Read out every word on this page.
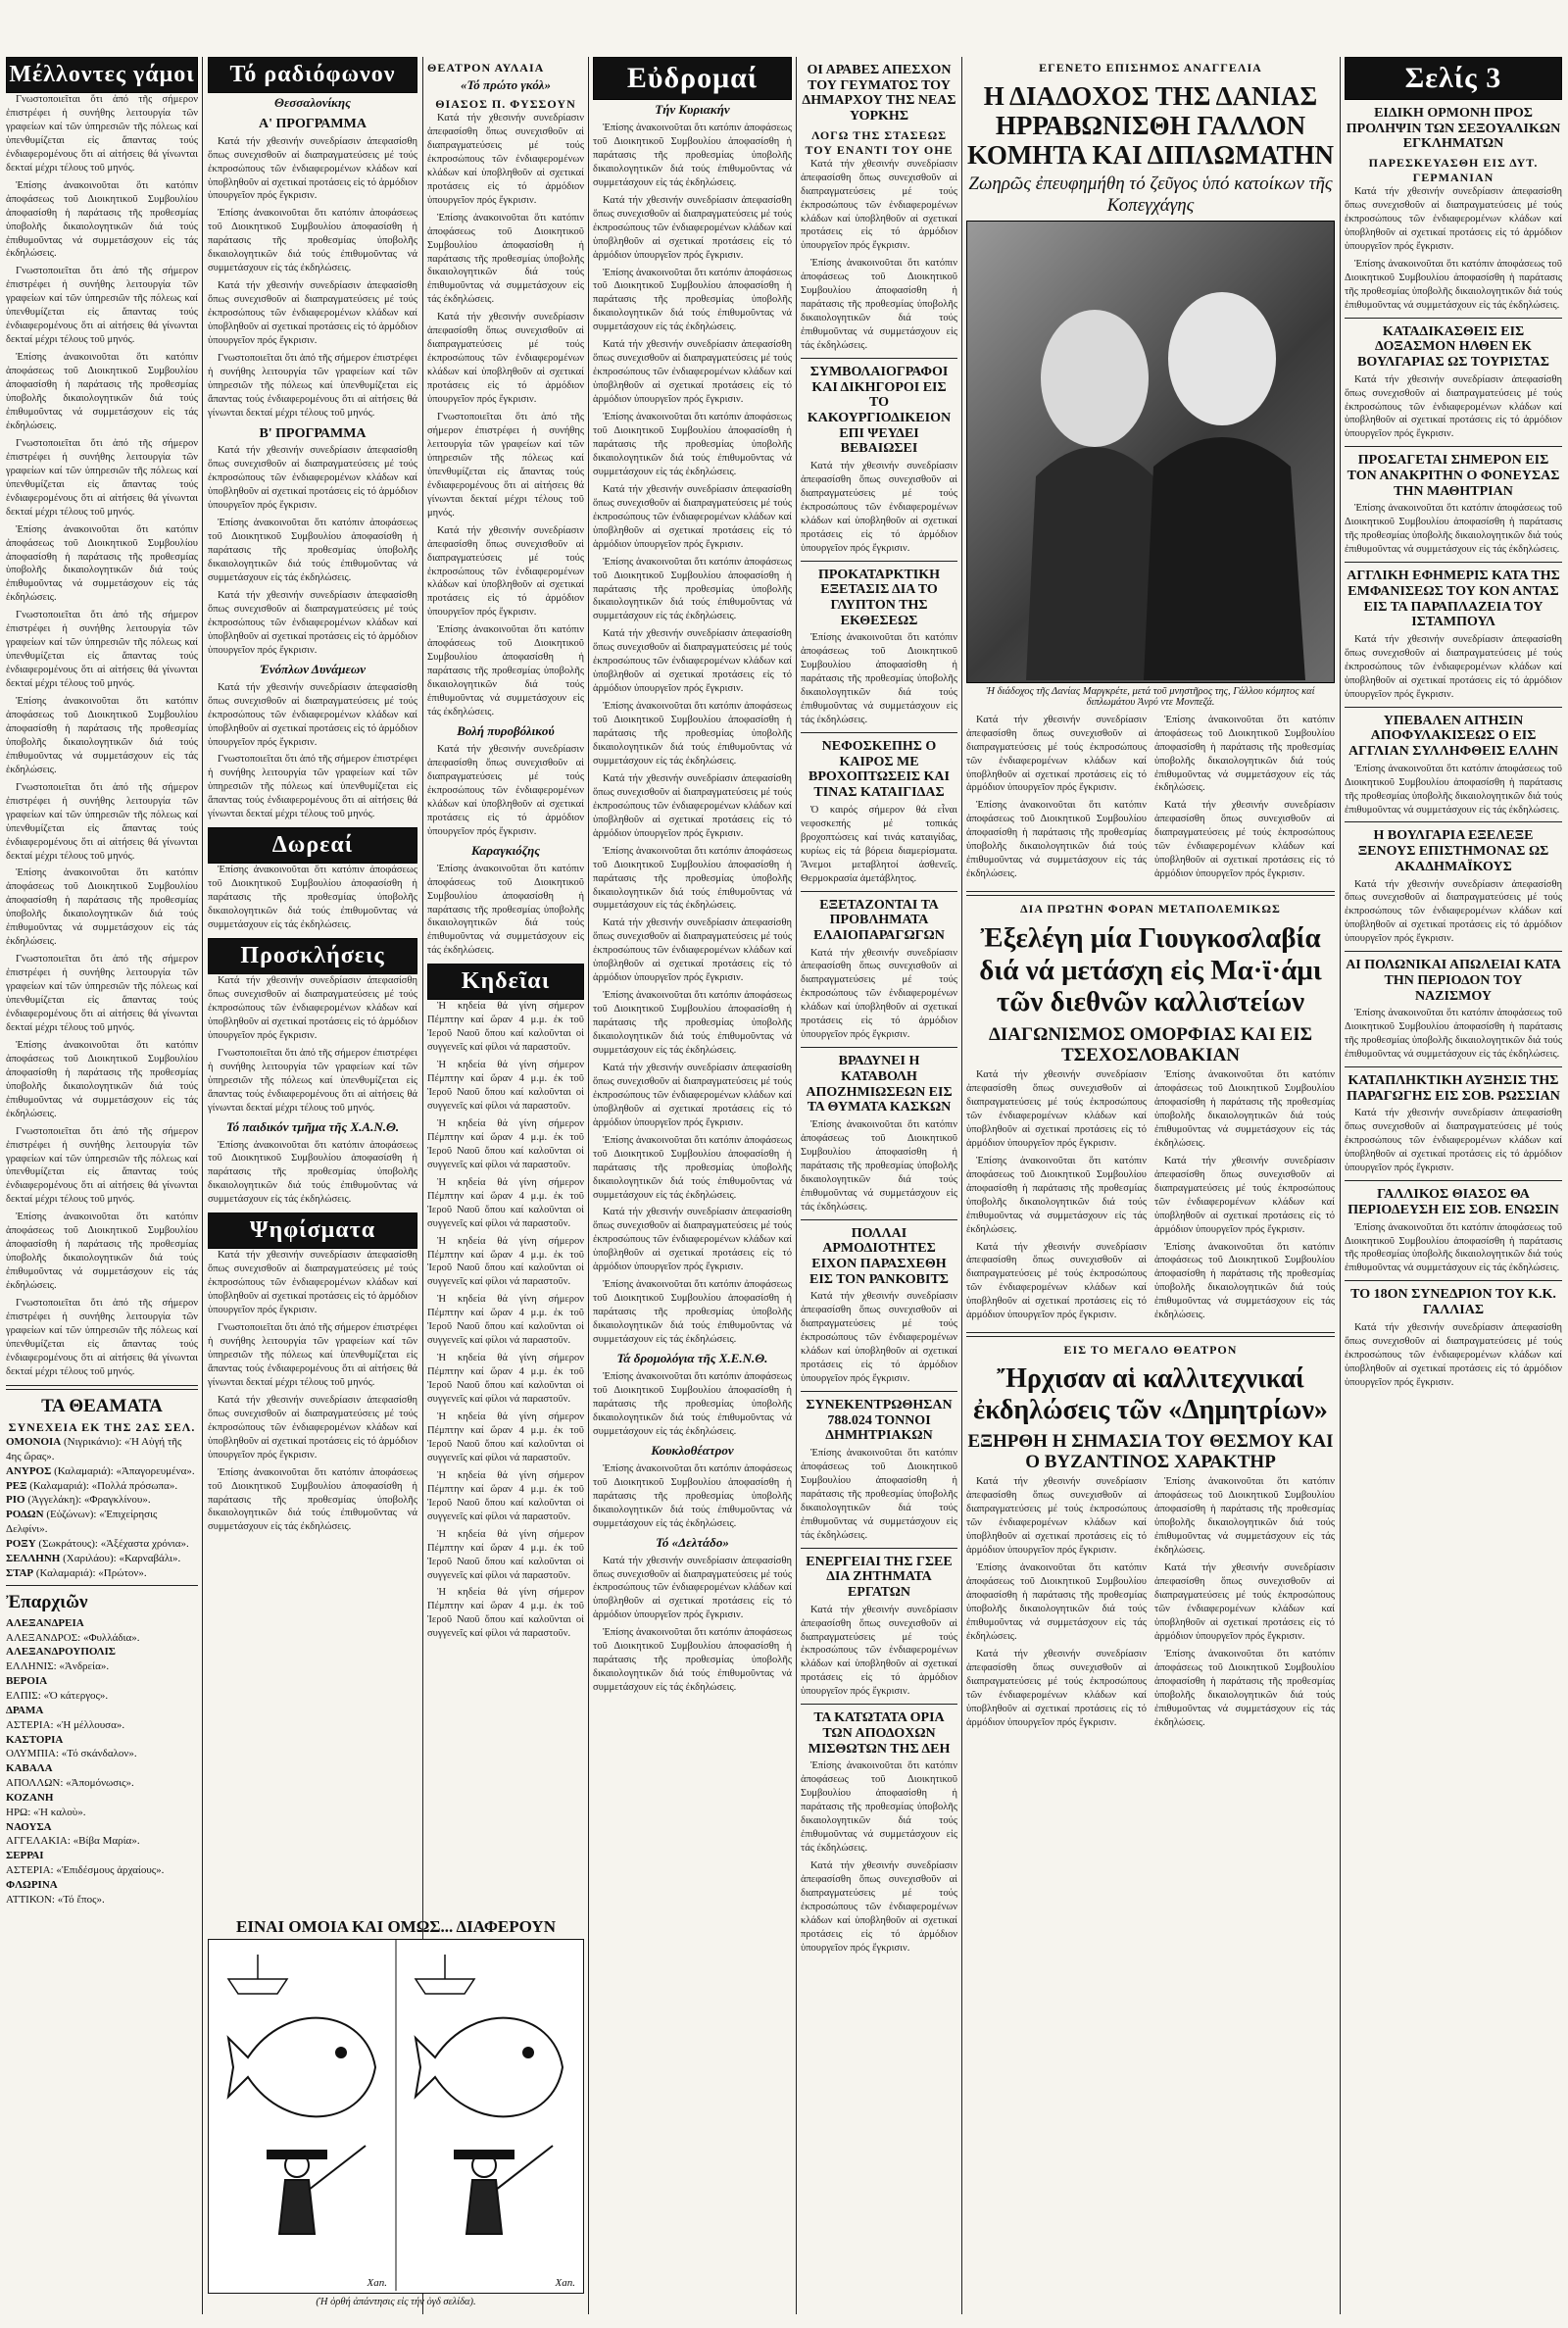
Μέλλοντες γάμοι

Γνωστοποιεῖται ὅτι ἀπό τῆς σήμερον ἐπιστρέφει ἡ συνήθης λειτουργία τῶν γραφείων καί τῶν ὑπηρεσιῶν τῆς πόλεως καί ὑπενθυμίζεται εἰς ἅπαντας τούς ἐνδιαφερομένους ὅτι αἱ αἰτήσεις θά γίνωνται δεκταί μέχρι τέλους τοῦ μηνός.

Ἐπίσης ἀνακοινοῦται ὅτι κατόπιν ἀποφάσεως τοῦ Διοικητικοῦ Συμβουλίου ἀποφασίσθη ἡ παράτασις τῆς προθεσμίας ὑποβολῆς δικαιολογητικῶν διά τούς ἐπιθυμοῦντας νά συμμετάσχουν εἰς τάς ἐκδηλώσεις.

Γνωστοποιεῖται ὅτι ἀπό τῆς σήμερον ἐπιστρέφει ἡ συνήθης λειτουργία τῶν γραφείων καί τῶν ὑπηρεσιῶν τῆς πόλεως καί ὑπενθυμίζεται εἰς ἅπαντας τούς ἐνδιαφερομένους ὅτι αἱ αἰτήσεις θά γίνωνται δεκταί μέχρι τέλους τοῦ μηνός.

Ἐπίσης ἀνακοινοῦται ὅτι κατόπιν ἀποφάσεως τοῦ Διοικητικοῦ Συμβουλίου ἀποφασίσθη ἡ παράτασις τῆς προθεσμίας ὑποβολῆς δικαιολογητικῶν διά τούς ἐπιθυμοῦντας νά συμμετάσχουν εἰς τάς ἐκδηλώσεις.

Γνωστοποιεῖται ὅτι ἀπό τῆς σήμερον ἐπιστρέφει ἡ συνήθης λειτουργία τῶν γραφείων καί τῶν ὑπηρεσιῶν τῆς πόλεως καί ὑπενθυμίζεται εἰς ἅπαντας τούς ἐνδιαφερομένους ὅτι αἱ αἰτήσεις θά γίνωνται δεκταί μέχρι τέλους τοῦ μηνός.

Ἐπίσης ἀνακοινοῦται ὅτι κατόπιν ἀποφάσεως τοῦ Διοικητικοῦ Συμβουλίου ἀποφασίσθη ἡ παράτασις τῆς προθεσμίας ὑποβολῆς δικαιολογητικῶν διά τούς ἐπιθυμοῦντας νά συμμετάσχουν εἰς τάς ἐκδηλώσεις.

Γνωστοποιεῖται ὅτι ἀπό τῆς σήμερον ἐπιστρέφει ἡ συνήθης λειτουργία τῶν γραφείων καί τῶν ὑπηρεσιῶν τῆς πόλεως καί ὑπενθυμίζεται εἰς ἅπαντας τούς ἐνδιαφερομένους ὅτι αἱ αἰτήσεις θά γίνωνται δεκταί μέχρι τέλους τοῦ μηνός.

Ἐπίσης ἀνακοινοῦται ὅτι κατόπιν ἀποφάσεως τοῦ Διοικητικοῦ Συμβουλίου ἀποφασίσθη ἡ παράτασις τῆς προθεσμίας ὑποβολῆς δικαιολογητικῶν διά τούς ἐπιθυμοῦντας νά συμμετάσχουν εἰς τάς ἐκδηλώσεις.

Γνωστοποιεῖται ὅτι ἀπό τῆς σήμερον ἐπιστρέφει ἡ συνήθης λειτουργία τῶν γραφείων καί τῶν ὑπηρεσιῶν τῆς πόλεως καί ὑπενθυμίζεται εἰς ἅπαντας τούς ἐνδιαφερομένους ὅτι αἱ αἰτήσεις θά γίνωνται δεκταί μέχρι τέλους τοῦ μηνός.

Ἐπίσης ἀνακοινοῦται ὅτι κατόπιν ἀποφάσεως τοῦ Διοικητικοῦ Συμβουλίου ἀποφασίσθη ἡ παράτασις τῆς προθεσμίας ὑποβολῆς δικαιολογητικῶν διά τούς ἐπιθυμοῦντας νά συμμετάσχουν εἰς τάς ἐκδηλώσεις.

Γνωστοποιεῖται ὅτι ἀπό τῆς σήμερον ἐπιστρέφει ἡ συνήθης λειτουργία τῶν γραφείων καί τῶν ὑπηρεσιῶν τῆς πόλεως καί ὑπενθυμίζεται εἰς ἅπαντας τούς ἐνδιαφερομένους ὅτι αἱ αἰτήσεις θά γίνωνται δεκταί μέχρι τέλους τοῦ μηνός.

Ἐπίσης ἀνακοινοῦται ὅτι κατόπιν ἀποφάσεως τοῦ Διοικητικοῦ Συμβουλίου ἀποφασίσθη ἡ παράτασις τῆς προθεσμίας ὑποβολῆς δικαιολογητικῶν διά τούς ἐπιθυμοῦντας νά συμμετάσχουν εἰς τάς ἐκδηλώσεις.

Γνωστοποιεῖται ὅτι ἀπό τῆς σήμερον ἐπιστρέφει ἡ συνήθης λειτουργία τῶν γραφείων καί τῶν ὑπηρεσιῶν τῆς πόλεως καί ὑπενθυμίζεται εἰς ἅπαντας τούς ἐνδιαφερομένους ὅτι αἱ αἰτήσεις θά γίνωνται δεκταί μέχρι τέλους τοῦ μηνός.

Ἐπίσης ἀνακοινοῦται ὅτι κατόπιν ἀποφάσεως τοῦ Διοικητικοῦ Συμβουλίου ἀποφασίσθη ἡ παράτασις τῆς προθεσμίας ὑποβολῆς δικαιολογητικῶν διά τούς ἐπιθυμοῦντας νά συμμετάσχουν εἰς τάς ἐκδηλώσεις.

Γνωστοποιεῖται ὅτι ἀπό τῆς σήμερον ἐπιστρέφει ἡ συνήθης λειτουργία τῶν γραφείων καί τῶν ὑπηρεσιῶν τῆς πόλεως καί ὑπενθυμίζεται εἰς ἅπαντας τούς ἐνδιαφερομένους ὅτι αἱ αἰτήσεις θά γίνωνται δεκταί μέχρι τέλους τοῦ μηνός.

ΤΑ ΘΕΑΜΑΤΑ
ΣΥΝΕΧΕΙΑ ΕΚ ΤΗΣ 2ΑΣ ΣΕΛ.
ΟΜΟΝΟΙΑ (Νιγρικάνιο): «Ἡ Αὐγή τῆς 4ης ὥρας».
ΑΝΥΡΟΣ (Καλαμαριά): «Ἀπαγορευμένα».
ΡΕΞ (Καλαμαριά): «Πολλά πρόσωπα».
ΡΙΟ (Ἀγγελάκη): «Φραγκλίνου».
ΡΟΔΩΝ (Εὐζώνων): «Ἐπιχείρησις Δελφίνι».
ΡΟΞΥ (Σωκράτους): «Ἀξέχαστα χρόνια».
ΣΕΛΛΗΝΗ (Χαριλάου): «Καρναβάλι».
ΣΤΑΡ (Καλαμαριά): «Πρώτον».
Ἐπαρχιῶν
ΑΛΕΞΑΝΔΡΕΙΑ
ΑΛΕΞΑΝΔΡΟΣ: «Φυλλάδια».
ΑΛΕΞΑΝΔΡΟΥΠΟΛΙΣ
ΕΛΛΗΝΙΣ: «Ἀνδρεία».
ΒΕΡΟΙΑ
ΕΛΠΙΣ: «Ὁ κάτεργος».
ΔΡΑΜΑ
ΑΣΤΕΡΙΑ: «Ἡ μέλλουσα».
ΚΑΣΤΟΡΙΑ
ΟΛΥΜΠΙΑ: «Τό σκάνδαλον».
ΚΑΒΑΛΑ
ΑΠΟΛΛΩΝ: «Ἀπομόνωσις».
ΚΟΖΑΝΗ
ΗΡΩ: «Ἡ καλοὺ».
ΝΑΟΥΣΑ
ΑΓΓΕΛΑΚΙΑ: «Βίβα Μαρία».
ΣΕΡΡΑΙ
ΑΣΤΕΡΙΑ: «Ἐπιδέσμους ἀρχαίους».
ΦΛΩΡΙΝΑ
ΑΤΤΙΚΟΝ: «Τό ἔπος».
Τό ραδιόφωνον
Θεσσαλονίκης
Α' ΠΡΟΓΡΑΜΜΑ

Κατά τήν χθεσινήν συνεδρίασιν ἀπεφασίσθη ὅπως συνεχισθοῦν αἱ διαπραγματεύσεις μέ τούς ἐκπροσώπους τῶν ἐνδιαφερομένων κλάδων καί ὑποβληθοῦν αἱ σχετικαί προτάσεις εἰς τό ἁρμόδιον ὑπουργεῖον πρός ἔγκρισιν.

Ἐπίσης ἀνακοινοῦται ὅτι κατόπιν ἀποφάσεως τοῦ Διοικητικοῦ Συμβουλίου ἀποφασίσθη ἡ παράτασις τῆς προθεσμίας ὑποβολῆς δικαιολογητικῶν διά τούς ἐπιθυμοῦντας νά συμμετάσχουν εἰς τάς ἐκδηλώσεις.

Κατά τήν χθεσινήν συνεδρίασιν ἀπεφασίσθη ὅπως συνεχισθοῦν αἱ διαπραγματεύσεις μέ τούς ἐκπροσώπους τῶν ἐνδιαφερομένων κλάδων καί ὑποβληθοῦν αἱ σχετικαί προτάσεις εἰς τό ἁρμόδιον ὑπουργεῖον πρός ἔγκρισιν.

Γνωστοποιεῖται ὅτι ἀπό τῆς σήμερον ἐπιστρέφει ἡ συνήθης λειτουργία τῶν γραφείων καί τῶν ὑπηρεσιῶν τῆς πόλεως καί ὑπενθυμίζεται εἰς ἅπαντας τούς ἐνδιαφερομένους ὅτι αἱ αἰτήσεις θά γίνωνται δεκταί μέχρι τέλους τοῦ μηνός.

Β' ΠΡΟΓΡΑΜΜΑ

Κατά τήν χθεσινήν συνεδρίασιν ἀπεφασίσθη ὅπως συνεχισθοῦν αἱ διαπραγματεύσεις μέ τούς ἐκπροσώπους τῶν ἐνδιαφερομένων κλάδων καί ὑποβληθοῦν αἱ σχετικαί προτάσεις εἰς τό ἁρμόδιον ὑπουργεῖον πρός ἔγκρισιν.

Ἐπίσης ἀνακοινοῦται ὅτι κατόπιν ἀποφάσεως τοῦ Διοικητικοῦ Συμβουλίου ἀποφασίσθη ἡ παράτασις τῆς προθεσμίας ὑποβολῆς δικαιολογητικῶν διά τούς ἐπιθυμοῦντας νά συμμετάσχουν εἰς τάς ἐκδηλώσεις.

Κατά τήν χθεσινήν συνεδρίασιν ἀπεφασίσθη ὅπως συνεχισθοῦν αἱ διαπραγματεύσεις μέ τούς ἐκπροσώπους τῶν ἐνδιαφερομένων κλάδων καί ὑποβληθοῦν αἱ σχετικαί προτάσεις εἰς τό ἁρμόδιον ὑπουργεῖον πρός ἔγκρισιν.

Ἐνόπλων Δυνάμεων

Κατά τήν χθεσινήν συνεδρίασιν ἀπεφασίσθη ὅπως συνεχισθοῦν αἱ διαπραγματεύσεις μέ τούς ἐκπροσώπους τῶν ἐνδιαφερομένων κλάδων καί ὑποβληθοῦν αἱ σχετικαί προτάσεις εἰς τό ἁρμόδιον ὑπουργεῖον πρός ἔγκρισιν.

Γνωστοποιεῖται ὅτι ἀπό τῆς σήμερον ἐπιστρέφει ἡ συνήθης λειτουργία τῶν γραφείων καί τῶν ὑπηρεσιῶν τῆς πόλεως καί ὑπενθυμίζεται εἰς ἅπαντας τούς ἐνδιαφερομένους ὅτι αἱ αἰτήσεις θά γίνωνται δεκταί μέχρι τέλους τοῦ μηνός.

Δωρεαί

Ἐπίσης ἀνακοινοῦται ὅτι κατόπιν ἀποφάσεως τοῦ Διοικητικοῦ Συμβουλίου ἀποφασίσθη ἡ παράτασις τῆς προθεσμίας ὑποβολῆς δικαιολογητικῶν διά τούς ἐπιθυμοῦντας νά συμμετάσχουν εἰς τάς ἐκδηλώσεις.

Προσκλήσεις

Κατά τήν χθεσινήν συνεδρίασιν ἀπεφασίσθη ὅπως συνεχισθοῦν αἱ διαπραγματεύσεις μέ τούς ἐκπροσώπους τῶν ἐνδιαφερομένων κλάδων καί ὑποβληθοῦν αἱ σχετικαί προτάσεις εἰς τό ἁρμόδιον ὑπουργεῖον πρός ἔγκρισιν.

Γνωστοποιεῖται ὅτι ἀπό τῆς σήμερον ἐπιστρέφει ἡ συνήθης λειτουργία τῶν γραφείων καί τῶν ὑπηρεσιῶν τῆς πόλεως καί ὑπενθυμίζεται εἰς ἅπαντας τούς ἐνδιαφερομένους ὅτι αἱ αἰτήσεις θά γίνωνται δεκταί μέχρι τέλους τοῦ μηνός.

Τό παιδικόν τμῆμα τῆς Χ.Α.Ν.Θ.

Ἐπίσης ἀνακοινοῦται ὅτι κατόπιν ἀποφάσεως τοῦ Διοικητικοῦ Συμβουλίου ἀποφασίσθη ἡ παράτασις τῆς προθεσμίας ὑποβολῆς δικαιολογητικῶν διά τούς ἐπιθυμοῦντας νά συμμετάσχουν εἰς τάς ἐκδηλώσεις.

Ψηφίσματα

Κατά τήν χθεσινήν συνεδρίασιν ἀπεφασίσθη ὅπως συνεχισθοῦν αἱ διαπραγματεύσεις μέ τούς ἐκπροσώπους τῶν ἐνδιαφερομένων κλάδων καί ὑποβληθοῦν αἱ σχετικαί προτάσεις εἰς τό ἁρμόδιον ὑπουργεῖον πρός ἔγκρισιν.

Γνωστοποιεῖται ὅτι ἀπό τῆς σήμερον ἐπιστρέφει ἡ συνήθης λειτουργία τῶν γραφείων καί τῶν ὑπηρεσιῶν τῆς πόλεως καί ὑπενθυμίζεται εἰς ἅπαντας τούς ἐνδιαφερομένους ὅτι αἱ αἰτήσεις θά γίνωνται δεκταί μέχρι τέλους τοῦ μηνός.

Κατά τήν χθεσινήν συνεδρίασιν ἀπεφασίσθη ὅπως συνεχισθοῦν αἱ διαπραγματεύσεις μέ τούς ἐκπροσώπους τῶν ἐνδιαφερομένων κλάδων καί ὑποβληθοῦν αἱ σχετικαί προτάσεις εἰς τό ἁρμόδιον ὑπουργεῖον πρός ἔγκρισιν.

Ἐπίσης ἀνακοινοῦται ὅτι κατόπιν ἀποφάσεως τοῦ Διοικητικοῦ Συμβουλίου ἀποφασίσθη ἡ παράτασις τῆς προθεσμίας ὑποβολῆς δικαιολογητικῶν διά τούς ἐπιθυμοῦντας νά συμμετάσχουν εἰς τάς ἐκδηλώσεις.

ΘΕΑΤΡΟΝ ΑΥΛΑΙΑ
«Τό πρώτο γκόλ»
ΘΙΑΣΟΣ Π. ΦΥΣΣΟΥΝ

Κατά τήν χθεσινήν συνεδρίασιν ἀπεφασίσθη ὅπως συνεχισθοῦν αἱ διαπραγματεύσεις μέ τούς ἐκπροσώπους τῶν ἐνδιαφερομένων κλάδων καί ὑποβληθοῦν αἱ σχετικαί προτάσεις εἰς τό ἁρμόδιον ὑπουργεῖον πρός ἔγκρισιν.

Ἐπίσης ἀνακοινοῦται ὅτι κατόπιν ἀποφάσεως τοῦ Διοικητικοῦ Συμβουλίου ἀποφασίσθη ἡ παράτασις τῆς προθεσμίας ὑποβολῆς δικαιολογητικῶν διά τούς ἐπιθυμοῦντας νά συμμετάσχουν εἰς τάς ἐκδηλώσεις.

Κατά τήν χθεσινήν συνεδρίασιν ἀπεφασίσθη ὅπως συνεχισθοῦν αἱ διαπραγματεύσεις μέ τούς ἐκπροσώπους τῶν ἐνδιαφερομένων κλάδων καί ὑποβληθοῦν αἱ σχετικαί προτάσεις εἰς τό ἁρμόδιον ὑπουργεῖον πρός ἔγκρισιν.

Γνωστοποιεῖται ὅτι ἀπό τῆς σήμερον ἐπιστρέφει ἡ συνήθης λειτουργία τῶν γραφείων καί τῶν ὑπηρεσιῶν τῆς πόλεως καί ὑπενθυμίζεται εἰς ἅπαντας τούς ἐνδιαφερομένους ὅτι αἱ αἰτήσεις θά γίνωνται δεκταί μέχρι τέλους τοῦ μηνός.

Κατά τήν χθεσινήν συνεδρίασιν ἀπεφασίσθη ὅπως συνεχισθοῦν αἱ διαπραγματεύσεις μέ τούς ἐκπροσώπους τῶν ἐνδιαφερομένων κλάδων καί ὑποβληθοῦν αἱ σχετικαί προτάσεις εἰς τό ἁρμόδιον ὑπουργεῖον πρός ἔγκρισιν.

Ἐπίσης ἀνακοινοῦται ὅτι κατόπιν ἀποφάσεως τοῦ Διοικητικοῦ Συμβουλίου ἀποφασίσθη ἡ παράτασις τῆς προθεσμίας ὑποβολῆς δικαιολογητικῶν διά τούς ἐπιθυμοῦντας νά συμμετάσχουν εἰς τάς ἐκδηλώσεις.

Βολή πυροβόλικού

Κατά τήν χθεσινήν συνεδρίασιν ἀπεφασίσθη ὅπως συνεχισθοῦν αἱ διαπραγματεύσεις μέ τούς ἐκπροσώπους τῶν ἐνδιαφερομένων κλάδων καί ὑποβληθοῦν αἱ σχετικαί προτάσεις εἰς τό ἁρμόδιον ὑπουργεῖον πρός ἔγκρισιν.

Καραγκιόζης

Ἐπίσης ἀνακοινοῦται ὅτι κατόπιν ἀποφάσεως τοῦ Διοικητικοῦ Συμβουλίου ἀποφασίσθη ἡ παράτασις τῆς προθεσμίας ὑποβολῆς δικαιολογητικῶν διά τούς ἐπιθυμοῦντας νά συμμετάσχουν εἰς τάς ἐκδηλώσεις.

Κηδεῖαι

Ἡ κηδεία θά γίνη σήμερον Πέμπτην καί ὥραν 4 μ.μ. ἐκ τοῦ Ἱεροῦ Ναοῦ ὅπου καί καλοῦνται οἱ συγγενεῖς καί φίλοι νά παραστοῦν.

Ἡ κηδεία θά γίνη σήμερον Πέμπτην καί ὥραν 4 μ.μ. ἐκ τοῦ Ἱεροῦ Ναοῦ ὅπου καί καλοῦνται οἱ συγγενεῖς καί φίλοι νά παραστοῦν.

Ἡ κηδεία θά γίνη σήμερον Πέμπτην καί ὥραν 4 μ.μ. ἐκ τοῦ Ἱεροῦ Ναοῦ ὅπου καί καλοῦνται οἱ συγγενεῖς καί φίλοι νά παραστοῦν.

Ἡ κηδεία θά γίνη σήμερον Πέμπτην καί ὥραν 4 μ.μ. ἐκ τοῦ Ἱεροῦ Ναοῦ ὅπου καί καλοῦνται οἱ συγγενεῖς καί φίλοι νά παραστοῦν.

Ἡ κηδεία θά γίνη σήμερον Πέμπτην καί ὥραν 4 μ.μ. ἐκ τοῦ Ἱεροῦ Ναοῦ ὅπου καί καλοῦνται οἱ συγγενεῖς καί φίλοι νά παραστοῦν.

Ἡ κηδεία θά γίνη σήμερον Πέμπτην καί ὥραν 4 μ.μ. ἐκ τοῦ Ἱεροῦ Ναοῦ ὅπου καί καλοῦνται οἱ συγγενεῖς καί φίλοι νά παραστοῦν.

Ἡ κηδεία θά γίνη σήμερον Πέμπτην καί ὥραν 4 μ.μ. ἐκ τοῦ Ἱεροῦ Ναοῦ ὅπου καί καλοῦνται οἱ συγγενεῖς καί φίλοι νά παραστοῦν.

Ἡ κηδεία θά γίνη σήμερον Πέμπτην καί ὥραν 4 μ.μ. ἐκ τοῦ Ἱεροῦ Ναοῦ ὅπου καί καλοῦνται οἱ συγγενεῖς καί φίλοι νά παραστοῦν.

Ἡ κηδεία θά γίνη σήμερον Πέμπτην καί ὥραν 4 μ.μ. ἐκ τοῦ Ἱεροῦ Ναοῦ ὅπου καί καλοῦνται οἱ συγγενεῖς καί φίλοι νά παραστοῦν.

Ἡ κηδεία θά γίνη σήμερον Πέμπτην καί ὥραν 4 μ.μ. ἐκ τοῦ Ἱεροῦ Ναοῦ ὅπου καί καλοῦνται οἱ συγγενεῖς καί φίλοι νά παραστοῦν.

Ἡ κηδεία θά γίνη σήμερον Πέμπτην καί ὥραν 4 μ.μ. ἐκ τοῦ Ἱεροῦ Ναοῦ ὅπου καί καλοῦνται οἱ συγγενεῖς καί φίλοι νά παραστοῦν.

Εὐδρομαί
Τήν Κυριακήν

Ἐπίσης ἀνακοινοῦται ὅτι κατόπιν ἀποφάσεως τοῦ Διοικητικοῦ Συμβουλίου ἀποφασίσθη ἡ παράτασις τῆς προθεσμίας ὑποβολῆς δικαιολογητικῶν διά τούς ἐπιθυμοῦντας νά συμμετάσχουν εἰς τάς ἐκδηλώσεις.

Κατά τήν χθεσινήν συνεδρίασιν ἀπεφασίσθη ὅπως συνεχισθοῦν αἱ διαπραγματεύσεις μέ τούς ἐκπροσώπους τῶν ἐνδιαφερομένων κλάδων καί ὑποβληθοῦν αἱ σχετικαί προτάσεις εἰς τό ἁρμόδιον ὑπουργεῖον πρός ἔγκρισιν.

Ἐπίσης ἀνακοινοῦται ὅτι κατόπιν ἀποφάσεως τοῦ Διοικητικοῦ Συμβουλίου ἀποφασίσθη ἡ παράτασις τῆς προθεσμίας ὑποβολῆς δικαιολογητικῶν διά τούς ἐπιθυμοῦντας νά συμμετάσχουν εἰς τάς ἐκδηλώσεις.

Κατά τήν χθεσινήν συνεδρίασιν ἀπεφασίσθη ὅπως συνεχισθοῦν αἱ διαπραγματεύσεις μέ τούς ἐκπροσώπους τῶν ἐνδιαφερομένων κλάδων καί ὑποβληθοῦν αἱ σχετικαί προτάσεις εἰς τό ἁρμόδιον ὑπουργεῖον πρός ἔγκρισιν.

Ἐπίσης ἀνακοινοῦται ὅτι κατόπιν ἀποφάσεως τοῦ Διοικητικοῦ Συμβουλίου ἀποφασίσθη ἡ παράτασις τῆς προθεσμίας ὑποβολῆς δικαιολογητικῶν διά τούς ἐπιθυμοῦντας νά συμμετάσχουν εἰς τάς ἐκδηλώσεις.

Κατά τήν χθεσινήν συνεδρίασιν ἀπεφασίσθη ὅπως συνεχισθοῦν αἱ διαπραγματεύσεις μέ τούς ἐκπροσώπους τῶν ἐνδιαφερομένων κλάδων καί ὑποβληθοῦν αἱ σχετικαί προτάσεις εἰς τό ἁρμόδιον ὑπουργεῖον πρός ἔγκρισιν.

Ἐπίσης ἀνακοινοῦται ὅτι κατόπιν ἀποφάσεως τοῦ Διοικητικοῦ Συμβουλίου ἀποφασίσθη ἡ παράτασις τῆς προθεσμίας ὑποβολῆς δικαιολογητικῶν διά τούς ἐπιθυμοῦντας νά συμμετάσχουν εἰς τάς ἐκδηλώσεις.

Κατά τήν χθεσινήν συνεδρίασιν ἀπεφασίσθη ὅπως συνεχισθοῦν αἱ διαπραγματεύσεις μέ τούς ἐκπροσώπους τῶν ἐνδιαφερομένων κλάδων καί ὑποβληθοῦν αἱ σχετικαί προτάσεις εἰς τό ἁρμόδιον ὑπουργεῖον πρός ἔγκρισιν.

Ἐπίσης ἀνακοινοῦται ὅτι κατόπιν ἀποφάσεως τοῦ Διοικητικοῦ Συμβουλίου ἀποφασίσθη ἡ παράτασις τῆς προθεσμίας ὑποβολῆς δικαιολογητικῶν διά τούς ἐπιθυμοῦντας νά συμμετάσχουν εἰς τάς ἐκδηλώσεις.

Κατά τήν χθεσινήν συνεδρίασιν ἀπεφασίσθη ὅπως συνεχισθοῦν αἱ διαπραγματεύσεις μέ τούς ἐκπροσώπους τῶν ἐνδιαφερομένων κλάδων καί ὑποβληθοῦν αἱ σχετικαί προτάσεις εἰς τό ἁρμόδιον ὑπουργεῖον πρός ἔγκρισιν.

Ἐπίσης ἀνακοινοῦται ὅτι κατόπιν ἀποφάσεως τοῦ Διοικητικοῦ Συμβουλίου ἀποφασίσθη ἡ παράτασις τῆς προθεσμίας ὑποβολῆς δικαιολογητικῶν διά τούς ἐπιθυμοῦντας νά συμμετάσχουν εἰς τάς ἐκδηλώσεις.

Κατά τήν χθεσινήν συνεδρίασιν ἀπεφασίσθη ὅπως συνεχισθοῦν αἱ διαπραγματεύσεις μέ τούς ἐκπροσώπους τῶν ἐνδιαφερομένων κλάδων καί ὑποβληθοῦν αἱ σχετικαί προτάσεις εἰς τό ἁρμόδιον ὑπουργεῖον πρός ἔγκρισιν.

Ἐπίσης ἀνακοινοῦται ὅτι κατόπιν ἀποφάσεως τοῦ Διοικητικοῦ Συμβουλίου ἀποφασίσθη ἡ παράτασις τῆς προθεσμίας ὑποβολῆς δικαιολογητικῶν διά τούς ἐπιθυμοῦντας νά συμμετάσχουν εἰς τάς ἐκδηλώσεις.

Κατά τήν χθεσινήν συνεδρίασιν ἀπεφασίσθη ὅπως συνεχισθοῦν αἱ διαπραγματεύσεις μέ τούς ἐκπροσώπους τῶν ἐνδιαφερομένων κλάδων καί ὑποβληθοῦν αἱ σχετικαί προτάσεις εἰς τό ἁρμόδιον ὑπουργεῖον πρός ἔγκρισιν.

Ἐπίσης ἀνακοινοῦται ὅτι κατόπιν ἀποφάσεως τοῦ Διοικητικοῦ Συμβουλίου ἀποφασίσθη ἡ παράτασις τῆς προθεσμίας ὑποβολῆς δικαιολογητικῶν διά τούς ἐπιθυμοῦντας νά συμμετάσχουν εἰς τάς ἐκδηλώσεις.

Κατά τήν χθεσινήν συνεδρίασιν ἀπεφασίσθη ὅπως συνεχισθοῦν αἱ διαπραγματεύσεις μέ τούς ἐκπροσώπους τῶν ἐνδιαφερομένων κλάδων καί ὑποβληθοῦν αἱ σχετικαί προτάσεις εἰς τό ἁρμόδιον ὑπουργεῖον πρός ἔγκρισιν.

Ἐπίσης ἀνακοινοῦται ὅτι κατόπιν ἀποφάσεως τοῦ Διοικητικοῦ Συμβουλίου ἀποφασίσθη ἡ παράτασις τῆς προθεσμίας ὑποβολῆς δικαιολογητικῶν διά τούς ἐπιθυμοῦντας νά συμμετάσχουν εἰς τάς ἐκδηλώσεις.

Τά δρομολόγια τῆς Χ.Ε.Ν.Θ.

Ἐπίσης ἀνακοινοῦται ὅτι κατόπιν ἀποφάσεως τοῦ Διοικητικοῦ Συμβουλίου ἀποφασίσθη ἡ παράτασις τῆς προθεσμίας ὑποβολῆς δικαιολογητικῶν διά τούς ἐπιθυμοῦντας νά συμμετάσχουν εἰς τάς ἐκδηλώσεις.

Κουκλοθέατρον

Ἐπίσης ἀνακοινοῦται ὅτι κατόπιν ἀποφάσεως τοῦ Διοικητικοῦ Συμβουλίου ἀποφασίσθη ἡ παράτασις τῆς προθεσμίας ὑποβολῆς δικαιολογητικῶν διά τούς ἐπιθυμοῦντας νά συμμετάσχουν εἰς τάς ἐκδηλώσεις.

Τό «Δελτάδο»

Κατά τήν χθεσινήν συνεδρίασιν ἀπεφασίσθη ὅπως συνεχισθοῦν αἱ διαπραγματεύσεις μέ τούς ἐκπροσώπους τῶν ἐνδιαφερομένων κλάδων καί ὑποβληθοῦν αἱ σχετικαί προτάσεις εἰς τό ἁρμόδιον ὑπουργεῖον πρός ἔγκρισιν.

Ἐπίσης ἀνακοινοῦται ὅτι κατόπιν ἀποφάσεως τοῦ Διοικητικοῦ Συμβουλίου ἀποφασίσθη ἡ παράτασις τῆς προθεσμίας ὑποβολῆς δικαιολογητικῶν διά τούς ἐπιθυμοῦντας νά συμμετάσχουν εἰς τάς ἐκδηλώσεις.

ΕΙΝΑΙ ΟΜΟΙΑ ΚΑΙ ΟΜΩΣ... ΔΙΑΦΕΡΟΥΝ
Xan.	Xan.
(Ἡ ὀρθή ἀπάντησις εἰς τήν ὀγδ σελίδα).
ΟΙ ΑΡΑΒΕΣ ΑΠΕΣΧΟΝ ΤΟΥ ΓΕΥΜΑΤΟΣ ΤΟΥ ΔΗΜΑΡΧΟΥ ΤΗΣ ΝΕΑΣ ΥΟΡΚΗΣ
ΛΟΓΩ ΤΗΣ ΣΤΑΣΕΩΣ ΤΟΥ ΕΝΑΝΤΙ ΤΟΥ ΟΗΕ

Κατά τήν χθεσινήν συνεδρίασιν ἀπεφασίσθη ὅπως συνεχισθοῦν αἱ διαπραγματεύσεις μέ τούς ἐκπροσώπους τῶν ἐνδιαφερομένων κλάδων καί ὑποβληθοῦν αἱ σχετικαί προτάσεις εἰς τό ἁρμόδιον ὑπουργεῖον πρός ἔγκρισιν.

Ἐπίσης ἀνακοινοῦται ὅτι κατόπιν ἀποφάσεως τοῦ Διοικητικοῦ Συμβουλίου ἀποφασίσθη ἡ παράτασις τῆς προθεσμίας ὑποβολῆς δικαιολογητικῶν διά τούς ἐπιθυμοῦντας νά συμμετάσχουν εἰς τάς ἐκδηλώσεις.

ΣΥΜΒΟΛΑΙΟΓΡΑΦΟΙ ΚΑΙ ΔΙΚΗΓΟΡΟΙ ΕΙΣ ΤΟ ΚΑΚΟΥΡΓΙΟΔΙΚΕΙΟΝ ΕΠΙ ΨΕΥΔΕΙ ΒΕΒΑΙΩΣΕΙ

Κατά τήν χθεσινήν συνεδρίασιν ἀπεφασίσθη ὅπως συνεχισθοῦν αἱ διαπραγματεύσεις μέ τούς ἐκπροσώπους τῶν ἐνδιαφερομένων κλάδων καί ὑποβληθοῦν αἱ σχετικαί προτάσεις εἰς τό ἁρμόδιον ὑπουργεῖον πρός ἔγκρισιν.

ΠΡΟΚΑΤΑΡΚΤΙΚΗ ΕΞΕΤΑΣΙΣ ΔΙΑ ΤΟ ΓΛΥΠΤΟΝ ΤΗΣ ΕΚΘΕΣΕΩΣ

Ἐπίσης ἀνακοινοῦται ὅτι κατόπιν ἀποφάσεως τοῦ Διοικητικοῦ Συμβουλίου ἀποφασίσθη ἡ παράτασις τῆς προθεσμίας ὑποβολῆς δικαιολογητικῶν διά τούς ἐπιθυμοῦντας νά συμμετάσχουν εἰς τάς ἐκδηλώσεις.

ΝΕΦΟΣΚΕΠΗΣ Ο ΚΑΙΡΟΣ ΜΕ ΒΡΟΧΟΠΤΩΣΕΙΣ ΚΑΙ ΤΙΝΑΣ ΚΑΤΑΙΓΙΔΑΣ

Ὁ καιρός σήμερον θά εἶναι νεφοσκεπής μέ τοπικάς βροχοπτώσεις καί τινάς καταιγίδας, κυρίως εἰς τά βόρεια διαμερίσματα. Ἄνεμοι μεταβλητοί ἀσθενεῖς. Θερμοκρασία ἀμετάβλητος.

ΕΞΕΤΑΖΟΝΤΑΙ ΤΑ ΠΡΟΒΛΗΜΑΤΑ ΕΛΑΙΟΠΑΡΑΓΩΓΩΝ

Κατά τήν χθεσινήν συνεδρίασιν ἀπεφασίσθη ὅπως συνεχισθοῦν αἱ διαπραγματεύσεις μέ τούς ἐκπροσώπους τῶν ἐνδιαφερομένων κλάδων καί ὑποβληθοῦν αἱ σχετικαί προτάσεις εἰς τό ἁρμόδιον ὑπουργεῖον πρός ἔγκρισιν.

ΒΡΑΔΥΝΕΙ Η ΚΑΤΑΒΟΛΗ ΑΠΟΖΗΜΙΩΣΕΩΝ ΕΙΣ ΤΑ ΘΥΜΑΤΑ ΚΑΣΚΩΝ

Ἐπίσης ἀνακοινοῦται ὅτι κατόπιν ἀποφάσεως τοῦ Διοικητικοῦ Συμβουλίου ἀποφασίσθη ἡ παράτασις τῆς προθεσμίας ὑποβολῆς δικαιολογητικῶν διά τούς ἐπιθυμοῦντας νά συμμετάσχουν εἰς τάς ἐκδηλώσεις.

ΠΟΛΛΑΙ ΑΡΜΟΔΙΟΤΗΤΕΣ ΕΙΧΟΝ ΠΑΡΑΣΧΕΘΗ ΕΙΣ ΤΟΝ ΡΑΝΚΟΒΙΤΣ

Κατά τήν χθεσινήν συνεδρίασιν ἀπεφασίσθη ὅπως συνεχισθοῦν αἱ διαπραγματεύσεις μέ τούς ἐκπροσώπους τῶν ἐνδιαφερομένων κλάδων καί ὑποβληθοῦν αἱ σχετικαί προτάσεις εἰς τό ἁρμόδιον ὑπουργεῖον πρός ἔγκρισιν.

ΣΥΝΕΚΕΝΤΡΩΘΗΣΑΝ 788.024 ΤΟΝΝΟΙ ΔΗΜΗΤΡΙΑΚΩΝ

Ἐπίσης ἀνακοινοῦται ὅτι κατόπιν ἀποφάσεως τοῦ Διοικητικοῦ Συμβουλίου ἀποφασίσθη ἡ παράτασις τῆς προθεσμίας ὑποβολῆς δικαιολογητικῶν διά τούς ἐπιθυμοῦντας νά συμμετάσχουν εἰς τάς ἐκδηλώσεις.

ΕΝΕΡΓΕΙΑΙ ΤΗΣ ΓΣΕΕ ΔΙΑ ΖΗΤΗΜΑΤΑ ΕΡΓΑΤΩΝ

Κατά τήν χθεσινήν συνεδρίασιν ἀπεφασίσθη ὅπως συνεχισθοῦν αἱ διαπραγματεύσεις μέ τούς ἐκπροσώπους τῶν ἐνδιαφερομένων κλάδων καί ὑποβληθοῦν αἱ σχετικαί προτάσεις εἰς τό ἁρμόδιον ὑπουργεῖον πρός ἔγκρισιν.

ΤΑ ΚΑΤΩΤΑΤΑ ΟΡΙΑ ΤΩΝ ΑΠΟΔΟΧΩΝ ΜΙΣΘΩΤΩΝ ΤΗΣ ΔΕΗ

Ἐπίσης ἀνακοινοῦται ὅτι κατόπιν ἀποφάσεως τοῦ Διοικητικοῦ Συμβουλίου ἀποφασίσθη ἡ παράτασις τῆς προθεσμίας ὑποβολῆς δικαιολογητικῶν διά τούς ἐπιθυμοῦντας νά συμμετάσχουν εἰς τάς ἐκδηλώσεις.

Κατά τήν χθεσινήν συνεδρίασιν ἀπεφασίσθη ὅπως συνεχισθοῦν αἱ διαπραγματεύσεις μέ τούς ἐκπροσώπους τῶν ἐνδιαφερομένων κλάδων καί ὑποβληθοῦν αἱ σχετικαί προτάσεις εἰς τό ἁρμόδιον ὑπουργεῖον πρός ἔγκρισιν.

ΕΓΕΝΕΤΟ ΕΠΙΣΗΜΟΣ ΑΝΑΓΓΕΛΙΑ
Η ΔΙΑΔΟΧΟΣ ΤΗΣ ΔΑΝΙΑΣ ΗΡΡΑΒΩΝΙΣΘΗ ΓΑΛΛΟΝ ΚΟΜΗΤΑ ΚΑΙ ΔΙΠΛΩΜΑΤΗΝ
Ζωηρῶς ἐπευφημήθη τό ζεῦγος ὑπό κατοίκων τῆς Κοπεγχάγης
Ἡ διάδοχος τῆς Δανίας Μαργκρέτε, μετά τοῦ μνηστῆρος της, Γάλλου κόμητος καί διπλωμάτου Ἀνρύ ντε Μονπεζά.

Κατά τήν χθεσινήν συνεδρίασιν ἀπεφασίσθη ὅπως συνεχισθοῦν αἱ διαπραγματεύσεις μέ τούς ἐκπροσώπους τῶν ἐνδιαφερομένων κλάδων καί ὑποβληθοῦν αἱ σχετικαί προτάσεις εἰς τό ἁρμόδιον ὑπουργεῖον πρός ἔγκρισιν.

Ἐπίσης ἀνακοινοῦται ὅτι κατόπιν ἀποφάσεως τοῦ Διοικητικοῦ Συμβουλίου ἀποφασίσθη ἡ παράτασις τῆς προθεσμίας ὑποβολῆς δικαιολογητικῶν διά τούς ἐπιθυμοῦντας νά συμμετάσχουν εἰς τάς ἐκδηλώσεις.

Ἐπίσης ἀνακοινοῦται ὅτι κατόπιν ἀποφάσεως τοῦ Διοικητικοῦ Συμβουλίου ἀποφασίσθη ἡ παράτασις τῆς προθεσμίας ὑποβολῆς δικαιολογητικῶν διά τούς ἐπιθυμοῦντας νά συμμετάσχουν εἰς τάς ἐκδηλώσεις.

Κατά τήν χθεσινήν συνεδρίασιν ἀπεφασίσθη ὅπως συνεχισθοῦν αἱ διαπραγματεύσεις μέ τούς ἐκπροσώπους τῶν ἐνδιαφερομένων κλάδων καί ὑποβληθοῦν αἱ σχετικαί προτάσεις εἰς τό ἁρμόδιον ὑπουργεῖον πρός ἔγκρισιν.

ΔΙΑ ΠΡΩΤΗΝ ΦΟΡΑΝ ΜΕΤΑΠΟΛΕΜΙΚΩΣ
Ἐξελέγη μία Γιουγκοσλαβία διά νά μετάσχη εἰς Μα·ϊ·άμι τῶν διεθνῶν καλλιστείων
ΔΙΑΓΩΝΙΣΜΟΣ ΟΜΟΡΦΙΑΣ ΚΑΙ ΕΙΣ ΤΣΕΧΟΣΛΟΒΑΚΙΑΝ

Κατά τήν χθεσινήν συνεδρίασιν ἀπεφασίσθη ὅπως συνεχισθοῦν αἱ διαπραγματεύσεις μέ τούς ἐκπροσώπους τῶν ἐνδιαφερομένων κλάδων καί ὑποβληθοῦν αἱ σχετικαί προτάσεις εἰς τό ἁρμόδιον ὑπουργεῖον πρός ἔγκρισιν.

Ἐπίσης ἀνακοινοῦται ὅτι κατόπιν ἀποφάσεως τοῦ Διοικητικοῦ Συμβουλίου ἀποφασίσθη ἡ παράτασις τῆς προθεσμίας ὑποβολῆς δικαιολογητικῶν διά τούς ἐπιθυμοῦντας νά συμμετάσχουν εἰς τάς ἐκδηλώσεις.

Κατά τήν χθεσινήν συνεδρίασιν ἀπεφασίσθη ὅπως συνεχισθοῦν αἱ διαπραγματεύσεις μέ τούς ἐκπροσώπους τῶν ἐνδιαφερομένων κλάδων καί ὑποβληθοῦν αἱ σχετικαί προτάσεις εἰς τό ἁρμόδιον ὑπουργεῖον πρός ἔγκρισιν.

Ἐπίσης ἀνακοινοῦται ὅτι κατόπιν ἀποφάσεως τοῦ Διοικητικοῦ Συμβουλίου ἀποφασίσθη ἡ παράτασις τῆς προθεσμίας ὑποβολῆς δικαιολογητικῶν διά τούς ἐπιθυμοῦντας νά συμμετάσχουν εἰς τάς ἐκδηλώσεις.

Κατά τήν χθεσινήν συνεδρίασιν ἀπεφασίσθη ὅπως συνεχισθοῦν αἱ διαπραγματεύσεις μέ τούς ἐκπροσώπους τῶν ἐνδιαφερομένων κλάδων καί ὑποβληθοῦν αἱ σχετικαί προτάσεις εἰς τό ἁρμόδιον ὑπουργεῖον πρός ἔγκρισιν.

Ἐπίσης ἀνακοινοῦται ὅτι κατόπιν ἀποφάσεως τοῦ Διοικητικοῦ Συμβουλίου ἀποφασίσθη ἡ παράτασις τῆς προθεσμίας ὑποβολῆς δικαιολογητικῶν διά τούς ἐπιθυμοῦντας νά συμμετάσχουν εἰς τάς ἐκδηλώσεις.

ΕΙΣ ΤΟ ΜΕΓΑΛΟ ΘΕΑΤΡΟΝ
Ἤρχισαν αἱ καλλιτεχνικαί ἐκδηλώσεις τῶν «Δημητρίων»
ΕΞΗΡΘΗ Η ΣΗΜΑΣΙΑ ΤΟΥ ΘΕΣΜΟΥ ΚΑΙ Ο ΒΥΖΑΝΤΙΝΟΣ ΧΑΡΑΚΤΗΡ

Κατά τήν χθεσινήν συνεδρίασιν ἀπεφασίσθη ὅπως συνεχισθοῦν αἱ διαπραγματεύσεις μέ τούς ἐκπροσώπους τῶν ἐνδιαφερομένων κλάδων καί ὑποβληθοῦν αἱ σχετικαί προτάσεις εἰς τό ἁρμόδιον ὑπουργεῖον πρός ἔγκρισιν.

Ἐπίσης ἀνακοινοῦται ὅτι κατόπιν ἀποφάσεως τοῦ Διοικητικοῦ Συμβουλίου ἀποφασίσθη ἡ παράτασις τῆς προθεσμίας ὑποβολῆς δικαιολογητικῶν διά τούς ἐπιθυμοῦντας νά συμμετάσχουν εἰς τάς ἐκδηλώσεις.

Κατά τήν χθεσινήν συνεδρίασιν ἀπεφασίσθη ὅπως συνεχισθοῦν αἱ διαπραγματεύσεις μέ τούς ἐκπροσώπους τῶν ἐνδιαφερομένων κλάδων καί ὑποβληθοῦν αἱ σχετικαί προτάσεις εἰς τό ἁρμόδιον ὑπουργεῖον πρός ἔγκρισιν.

Ἐπίσης ἀνακοινοῦται ὅτι κατόπιν ἀποφάσεως τοῦ Διοικητικοῦ Συμβουλίου ἀποφασίσθη ἡ παράτασις τῆς προθεσμίας ὑποβολῆς δικαιολογητικῶν διά τούς ἐπιθυμοῦντας νά συμμετάσχουν εἰς τάς ἐκδηλώσεις.

Κατά τήν χθεσινήν συνεδρίασιν ἀπεφασίσθη ὅπως συνεχισθοῦν αἱ διαπραγματεύσεις μέ τούς ἐκπροσώπους τῶν ἐνδιαφερομένων κλάδων καί ὑποβληθοῦν αἱ σχετικαί προτάσεις εἰς τό ἁρμόδιον ὑπουργεῖον πρός ἔγκρισιν.

Ἐπίσης ἀνακοινοῦται ὅτι κατόπιν ἀποφάσεως τοῦ Διοικητικοῦ Συμβουλίου ἀποφασίσθη ἡ παράτασις τῆς προθεσμίας ὑποβολῆς δικαιολογητικῶν διά τούς ἐπιθυμοῦντας νά συμμετάσχουν εἰς τάς ἐκδηλώσεις.

Σελίς 3
ΕΙΔΙΚΗ ΟΡΜΟΝΗ ΠΡΟΣ ΠΡΟΛΗΨΙΝ ΤΩΝ ΣΕΞΟΥΑΛΙΚΩΝ ΕΓΚΛΗΜΑΤΩΝ
ΠΑΡΕΣΚΕΥΑΣΘΗ ΕΙΣ ΔΥΤ. ΓΕΡΜΑΝΙΑΝ

Κατά τήν χθεσινήν συνεδρίασιν ἀπεφασίσθη ὅπως συνεχισθοῦν αἱ διαπραγματεύσεις μέ τούς ἐκπροσώπους τῶν ἐνδιαφερομένων κλάδων καί ὑποβληθοῦν αἱ σχετικαί προτάσεις εἰς τό ἁρμόδιον ὑπουργεῖον πρός ἔγκρισιν.

Ἐπίσης ἀνακοινοῦται ὅτι κατόπιν ἀποφάσεως τοῦ Διοικητικοῦ Συμβουλίου ἀποφασίσθη ἡ παράτασις τῆς προθεσμίας ὑποβολῆς δικαιολογητικῶν διά τούς ἐπιθυμοῦντας νά συμμετάσχουν εἰς τάς ἐκδηλώσεις.

ΚΑΤΑΔΙΚΑΣΘΕΙΣ ΕΙΣ ΔΟΞΑΣΜΟΝ ΗΛΘΕΝ ΕΚ ΒΟΥΛΓΑΡΙΑΣ ΩΣ ΤΟΥΡΙΣΤΑΣ

Κατά τήν χθεσινήν συνεδρίασιν ἀπεφασίσθη ὅπως συνεχισθοῦν αἱ διαπραγματεύσεις μέ τούς ἐκπροσώπους τῶν ἐνδιαφερομένων κλάδων καί ὑποβληθοῦν αἱ σχετικαί προτάσεις εἰς τό ἁρμόδιον ὑπουργεῖον πρός ἔγκρισιν.

ΠΡΟΣΑΓΕΤΑΙ ΣΗΜΕΡΟΝ ΕΙΣ ΤΟΝ ΑΝΑΚΡΙΤΗΝ Ο ΦΟΝΕΥΣΑΣ ΤΗΝ ΜΑΘΗΤΡΙΑΝ

Ἐπίσης ἀνακοινοῦται ὅτι κατόπιν ἀποφάσεως τοῦ Διοικητικοῦ Συμβουλίου ἀποφασίσθη ἡ παράτασις τῆς προθεσμίας ὑποβολῆς δικαιολογητικῶν διά τούς ἐπιθυμοῦντας νά συμμετάσχουν εἰς τάς ἐκδηλώσεις.

ΑΓΓΛΙΚΗ ΕΦΗΜΕΡΙΣ ΚΑΤΑ ΤΗΣ ΕΜΦΑΝΙΣΕΩΣ ΤΟΥ ΚΟΝ ΑΝΤΑΣ ΕΙΣ ΤΑ ΠΑΡΑΠΛΑΖΕΙΑ ΤΟΥ ΙΣΤΑΜΠΟΥΛ

Κατά τήν χθεσινήν συνεδρίασιν ἀπεφασίσθη ὅπως συνεχισθοῦν αἱ διαπραγματεύσεις μέ τούς ἐκπροσώπους τῶν ἐνδιαφερομένων κλάδων καί ὑποβληθοῦν αἱ σχετικαί προτάσεις εἰς τό ἁρμόδιον ὑπουργεῖον πρός ἔγκρισιν.

ΥΠΕΒΑΛΕΝ ΑΙΤΗΣΙΝ ΑΠΟΦΥΛΑΚΙΣΕΩΣ Ο ΕΙΣ ΑΓΓΛΙΑΝ ΣΥΛΛΗΦΘΕΙΣ ΕΛΛΗΝ

Ἐπίσης ἀνακοινοῦται ὅτι κατόπιν ἀποφάσεως τοῦ Διοικητικοῦ Συμβουλίου ἀποφασίσθη ἡ παράτασις τῆς προθεσμίας ὑποβολῆς δικαιολογητικῶν διά τούς ἐπιθυμοῦντας νά συμμετάσχουν εἰς τάς ἐκδηλώσεις.

Η ΒΟΥΛΓΑΡΙΑ ΕΞΕΛΕΞΕ ΞΕΝΟΥΣ ΕΠΙΣΤΗΜΟΝΑΣ ΩΣ ΑΚΑΔΗΜΑΪΚΟΥΣ

Κατά τήν χθεσινήν συνεδρίασιν ἀπεφασίσθη ὅπως συνεχισθοῦν αἱ διαπραγματεύσεις μέ τούς ἐκπροσώπους τῶν ἐνδιαφερομένων κλάδων καί ὑποβληθοῦν αἱ σχετικαί προτάσεις εἰς τό ἁρμόδιον ὑπουργεῖον πρός ἔγκρισιν.

ΑΙ ΠΟΛΩΝΙΚΑΙ ΑΠΩΛΕΙΑΙ ΚΑΤΑ ΤΗΝ ΠΕΡΙΟΔΟΝ ΤΟΥ ΝΑΖΙΣΜΟΥ

Ἐπίσης ἀνακοινοῦται ὅτι κατόπιν ἀποφάσεως τοῦ Διοικητικοῦ Συμβουλίου ἀποφασίσθη ἡ παράτασις τῆς προθεσμίας ὑποβολῆς δικαιολογητικῶν διά τούς ἐπιθυμοῦντας νά συμμετάσχουν εἰς τάς ἐκδηλώσεις.

ΚΑΤΑΠΛΗΚΤΙΚΗ ΑΥΞΗΣΙΣ ΤΗΣ ΠΑΡΑΓΩΓΗΣ ΕΙΣ ΣΟΒ. ΡΩΣΣΙΑΝ

Κατά τήν χθεσινήν συνεδρίασιν ἀπεφασίσθη ὅπως συνεχισθοῦν αἱ διαπραγματεύσεις μέ τούς ἐκπροσώπους τῶν ἐνδιαφερομένων κλάδων καί ὑποβληθοῦν αἱ σχετικαί προτάσεις εἰς τό ἁρμόδιον ὑπουργεῖον πρός ἔγκρισιν.

ΓΑΛΛΙΚΟΣ ΘΙΑΣΟΣ ΘΑ ΠΕΡΙΟΔΕΥΣΗ ΕΙΣ ΣΟΒ. ΕΝΩΣΙΝ

Ἐπίσης ἀνακοινοῦται ὅτι κατόπιν ἀποφάσεως τοῦ Διοικητικοῦ Συμβουλίου ἀποφασίσθη ἡ παράτασις τῆς προθεσμίας ὑποβολῆς δικαιολογητικῶν διά τούς ἐπιθυμοῦντας νά συμμετάσχουν εἰς τάς ἐκδηλώσεις.

ΤΟ 18ΟΝ ΣΥΝΕΔΡΙΟΝ ΤΟΥ Κ.Κ. ΓΑΛΛΙΑΣ

Κατά τήν χθεσινήν συνεδρίασιν ἀπεφασίσθη ὅπως συνεχισθοῦν αἱ διαπραγματεύσεις μέ τούς ἐκπροσώπους τῶν ἐνδιαφερομένων κλάδων καί ὑποβληθοῦν αἱ σχετικαί προτάσεις εἰς τό ἁρμόδιον ὑπουργεῖον πρός ἔγκρισιν.
